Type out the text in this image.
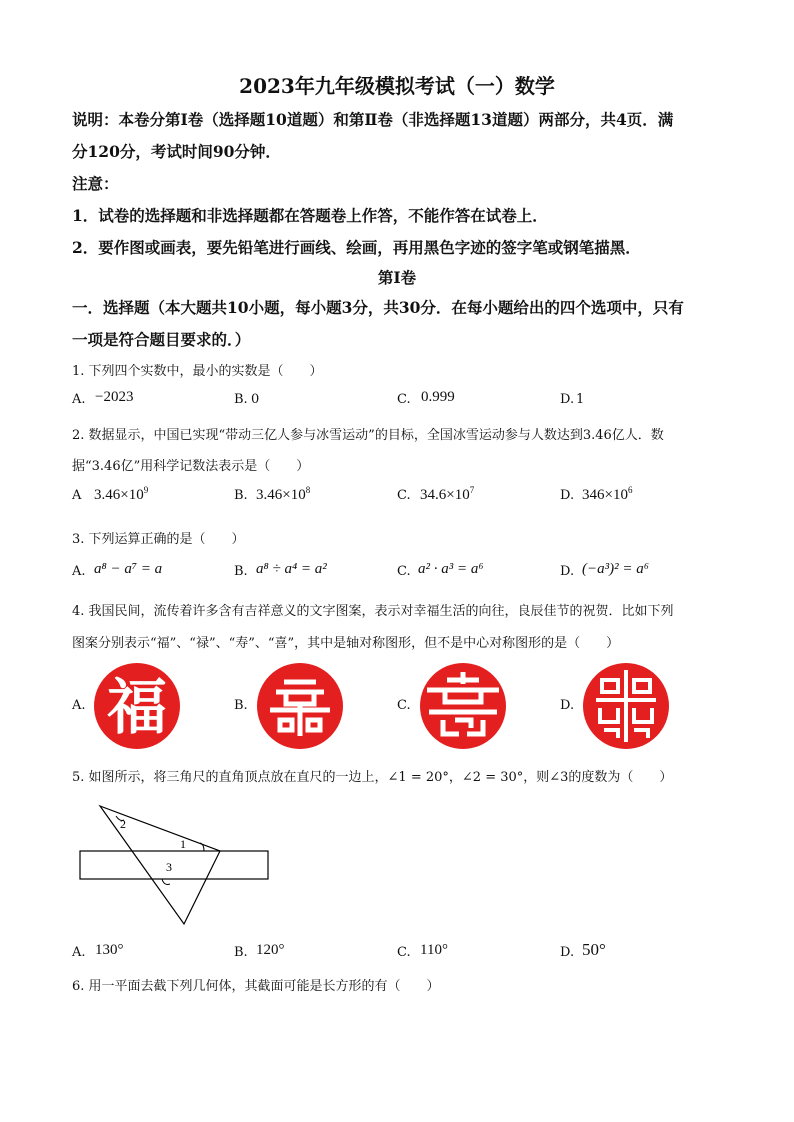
2023年九年级模拟考试（一）数学
说明：本卷分第Ⅰ卷（选择题10道题）和第Ⅱ卷（非选择题13道题）两部分，共4页．满
分120分，考试时间90分钟．
注意：
1．试卷的选择题和非选择题都在答题卷上作答，不能作答在试卷上．
2．要作图或画表，要先铅笔进行画线、绘画，再用黑色字迹的签字笔或钢笔描黑．
第Ⅰ卷
一．选择题（本大题共10小题，每小题3分，共30分．在每小题给出的四个选项中，只有
一项是符合题目要求的．）
1. 下列四个实数中，最小的实数是（　　）
A. −2023	B. 0	C. 0.999	D. 1
2. 数据显示，中国已实现“带动三亿人参与冰雪运动”的目标，全国冰雪运动参与人数达到3.46亿人．数
据“3.46亿”用科学记数法表示是（　　）
A $3.46\times 10^9$	B. $3.46\times 10^8$	C. $34.6\times 10^7$	D. $346\times 10^6$
3. 下列运算正确的是（　　）
A. a⁸ − a⁷ = a	B. a⁸ ÷ a⁴ = a²	C. a² · a³ = a⁶	D. (−a³)² = a⁶
4. 我国民间，流传着许多含有吉祥意义的文字图案，表示对幸福生活的向往，良辰佳节的祝贺．比如下列
图案分别表示“福”、“禄”、“寿”、“喜”，其中是轴对称图形，但不是中心对称图形的是（　　）
A. 福	B.	C.	D.
5. 如图所示，将三角尺的直角顶点放在直尺的一边上，∠1 = 20°，∠2 = 30°，则∠3的度数为（　　）
2
1
3
A. 130°	B. 120°	C. 110°	D. 50°
6. 用一平面去截下列几何体，其截面可能是长方形的有（　　）
